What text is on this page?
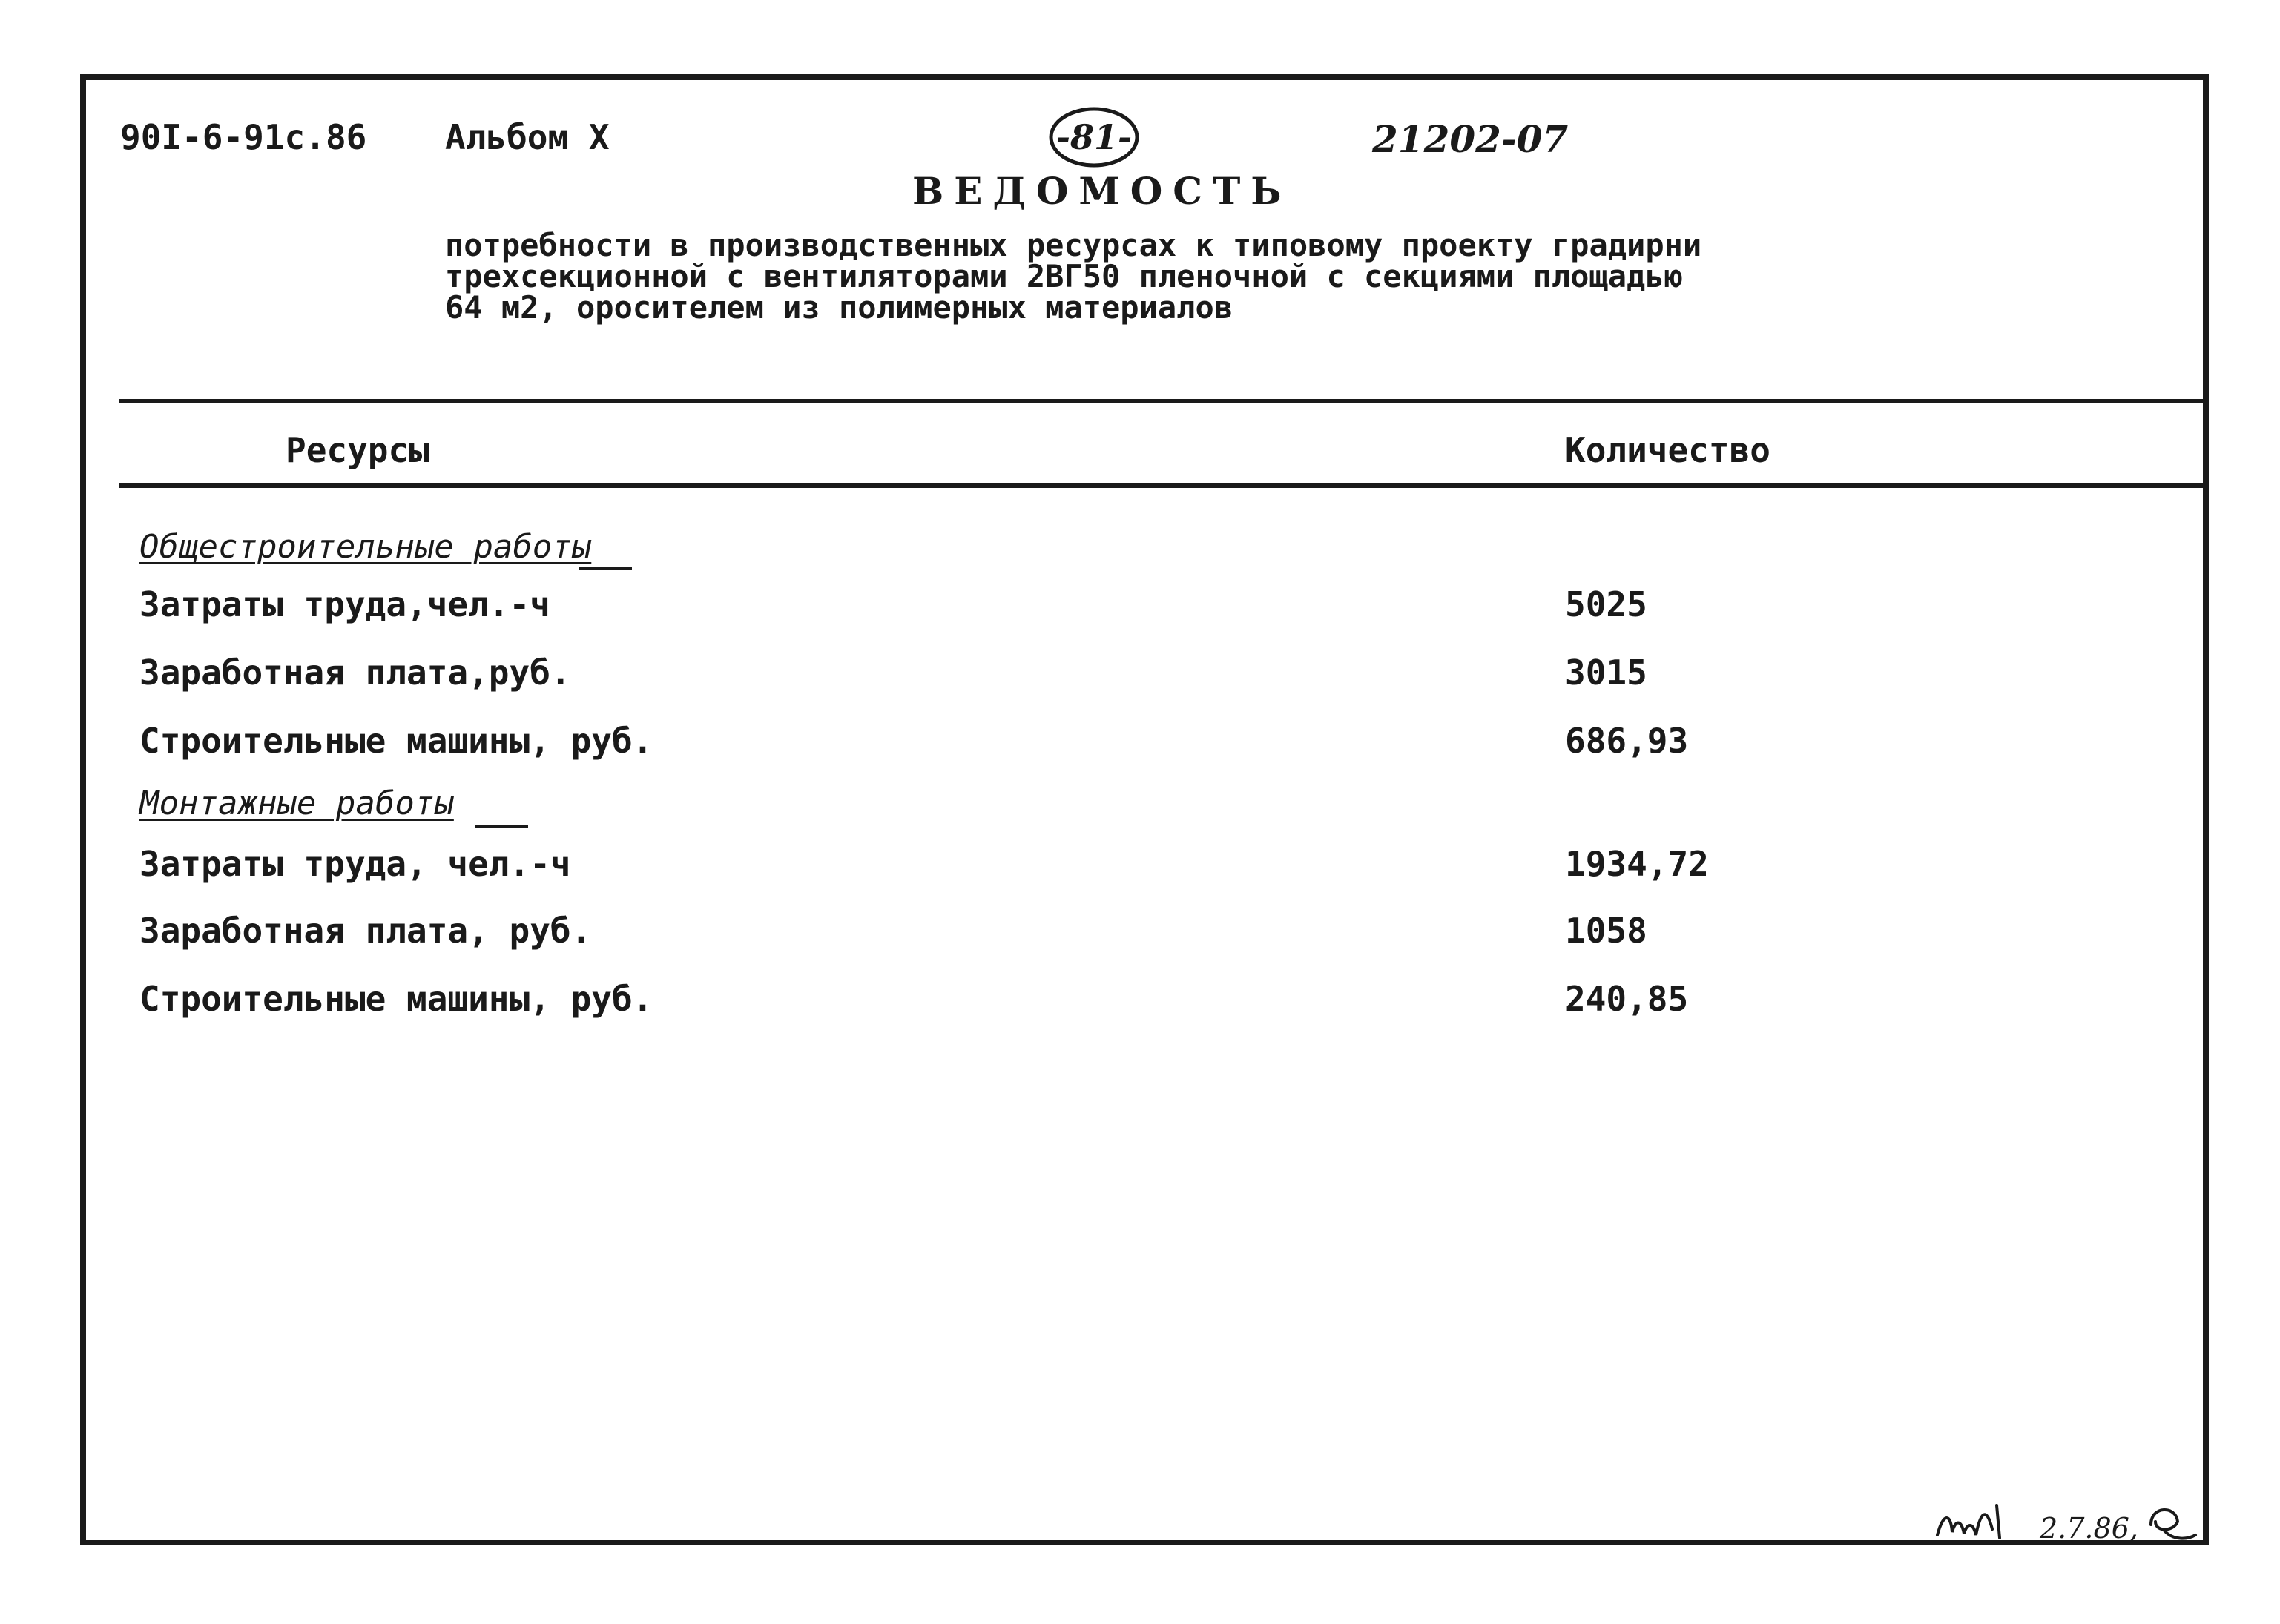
90I-6-91с.86 Альбом X	-81-	21202-07
ВЕДОМОСТЬ
потребности в производственных ресурсах к типовому проекту градирни
трехсекционной с вентиляторами 2ВГ50 пленочной с секциями площадью
64 м2, оросителем из полимерных материалов
Ресурсы	Количество
Общестроительные работы
Затраты труда,чел.-ч	5025
Заработная плата,руб.	3015
Строительные машины, руб.	686,93
Монтажные работы
Затраты труда, чел.-ч	1934,72
Заработная плата, руб.	1058
Строительные машины, руб.	240,85
2.7.86,
